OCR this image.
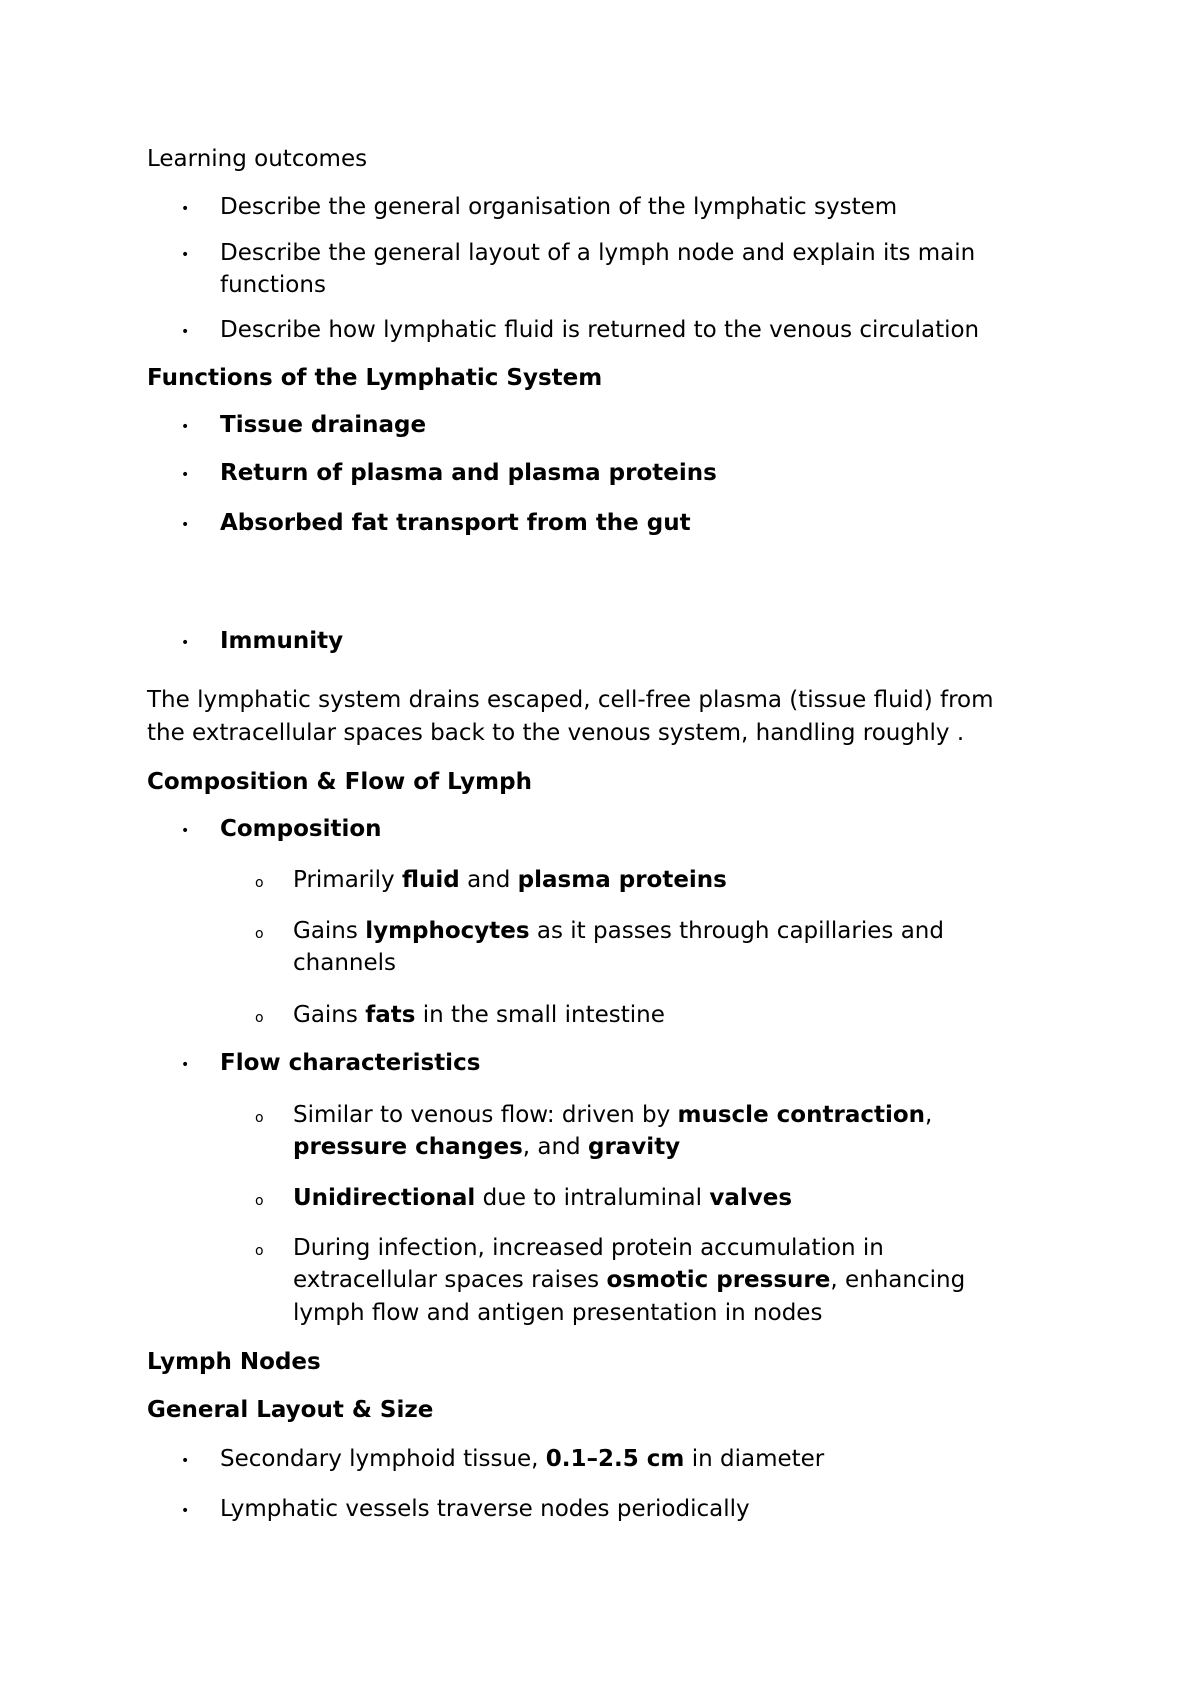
Learning outcomes
• Describe the general organisation of the lymphatic system
• Describe the general layout of a lymph node and explain its main
functions
• Describe how lymphatic fluid is returned to the venous circulation
Functions of the Lymphatic System
• Tissue drainage
• Return of plasma and plasma proteins
• Absorbed fat transport from the gut
• Immunity
The lymphatic system drains escaped, cell-free plasma (tissue fluid) from
the extracellular spaces back to the venous system, handling roughly .
Composition & Flow of Lymph
• Composition
o Primarily fluid and plasma proteins
o Gains lymphocytes as it passes through capillaries and
channels
o Gains fats in the small intestine
• Flow characteristics
o Similar to venous flow: driven by muscle contraction,
pressure changes, and gravity
o Unidirectional due to intraluminal valves
o During infection, increased protein accumulation in
extracellular spaces raises osmotic pressure, enhancing
lymph flow and antigen presentation in nodes
Lymph Nodes
General Layout & Size
• Secondary lymphoid tissue, 0.1–2.5 cm in diameter
• Lymphatic vessels traverse nodes periodically
